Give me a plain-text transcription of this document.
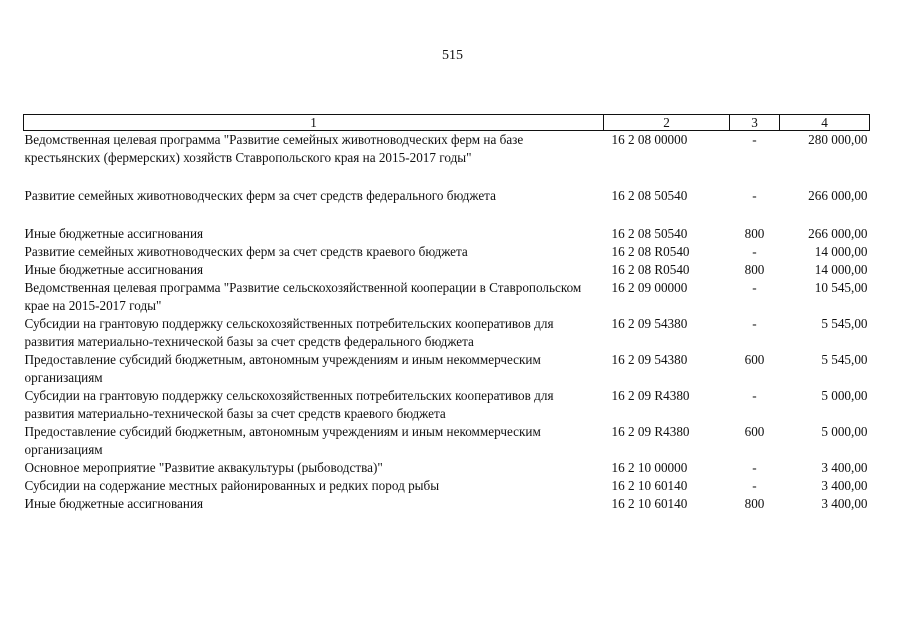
515
1	2	3	4
Ведомственная целевая программа "Развитие семейных животноводческих ферм на базе крестьянских (фермерских) хозяйств Ставропольского края на 2015-2017 годы"	16 2 08 00000	-	280 000,00
Развитие семейных животноводческих ферм за счет средств федерального бюджета	16 2 08 50540	-	266 000,00
Иные бюджетные ассигнования	16 2 08 50540	800	266 000,00
Развитие семейных животноводческих ферм за счет средств краевого бюджета	16 2 08 R0540	-	14 000,00
Иные бюджетные ассигнования	16 2 08 R0540	800	14 000,00
Ведомственная целевая программа "Развитие сельскохозяйственной кооперации в Ставропольском крае на 2015-2017 годы"	16 2 09 00000	-	10 545,00
Субсидии на грантовую поддержку сельскохозяйственных потребительских кооперативов для развития материально-технической базы за счет средств федерального бюджета	16 2 09 54380	-	5 545,00
Предоставление субсидий бюджетным, автономным учреждениям и иным некоммерческим организациям	16 2 09 54380	600	5 545,00
Субсидии на грантовую поддержку сельскохозяйственных потребительских кооперативов для развития материально-технической базы за счет средств краевого бюджета	16 2 09 R4380	-	5 000,00
Предоставление субсидий бюджетным, автономным учреждениям и иным некоммерческим организациям	16 2 09 R4380	600	5 000,00
Основное мероприятие "Развитие аквакультуры (рыбоводства)"	16 2 10 00000	-	3 400,00
Субсидии на содержание местных районированных и редких пород рыбы	16 2 10 60140	-	3 400,00
Иные бюджетные ассигнования	16 2 10 60140	800	3 400,00
